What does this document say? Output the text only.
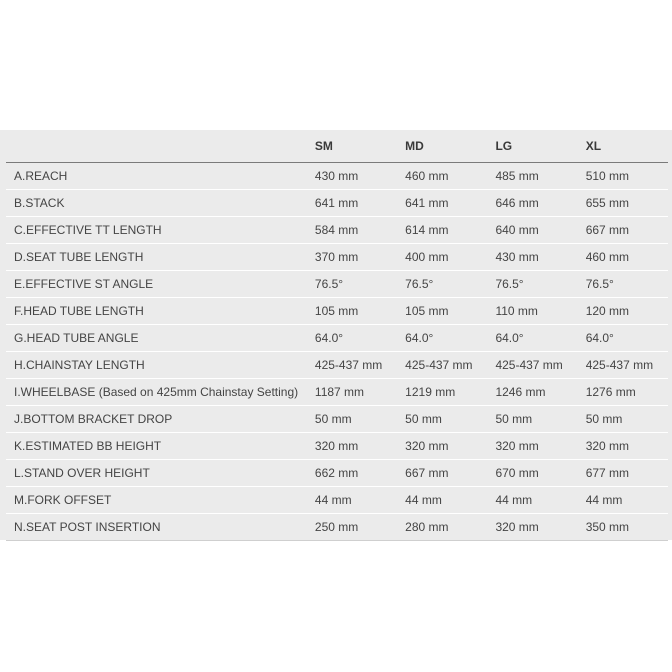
	SM	MD	LG	XL
A.REACH	430 mm	460 mm	485 mm	510 mm
B.STACK	641 mm	641 mm	646 mm	655 mm
C.EFFECTIVE TT LENGTH	584 mm	614 mm	640 mm	667 mm
D.SEAT TUBE LENGTH	370 mm	400 mm	430 mm	460 mm
E.EFFECTIVE ST ANGLE	76.5°	76.5°	76.5°	76.5°
F.HEAD TUBE LENGTH	105 mm	105 mm	110 mm	120 mm
G.HEAD TUBE ANGLE	64.0°	64.0°	64.0°	64.0°
H.CHAINSTAY LENGTH	425-437 mm	425-437 mm	425-437 mm	425-437 mm
I.WHEELBASE (Based on 425mm Chainstay Setting)	1187 mm	1219 mm	1246 mm	1276 mm
J.BOTTOM BRACKET DROP	50 mm	50 mm	50 mm	50 mm
K.ESTIMATED BB HEIGHT	320 mm	320 mm	320 mm	320 mm
L.STAND OVER HEIGHT	662 mm	667 mm	670 mm	677 mm
M.FORK OFFSET	44 mm	44 mm	44 mm	44 mm
N.SEAT POST INSERTION	250 mm	280 mm	320 mm	350 mm
